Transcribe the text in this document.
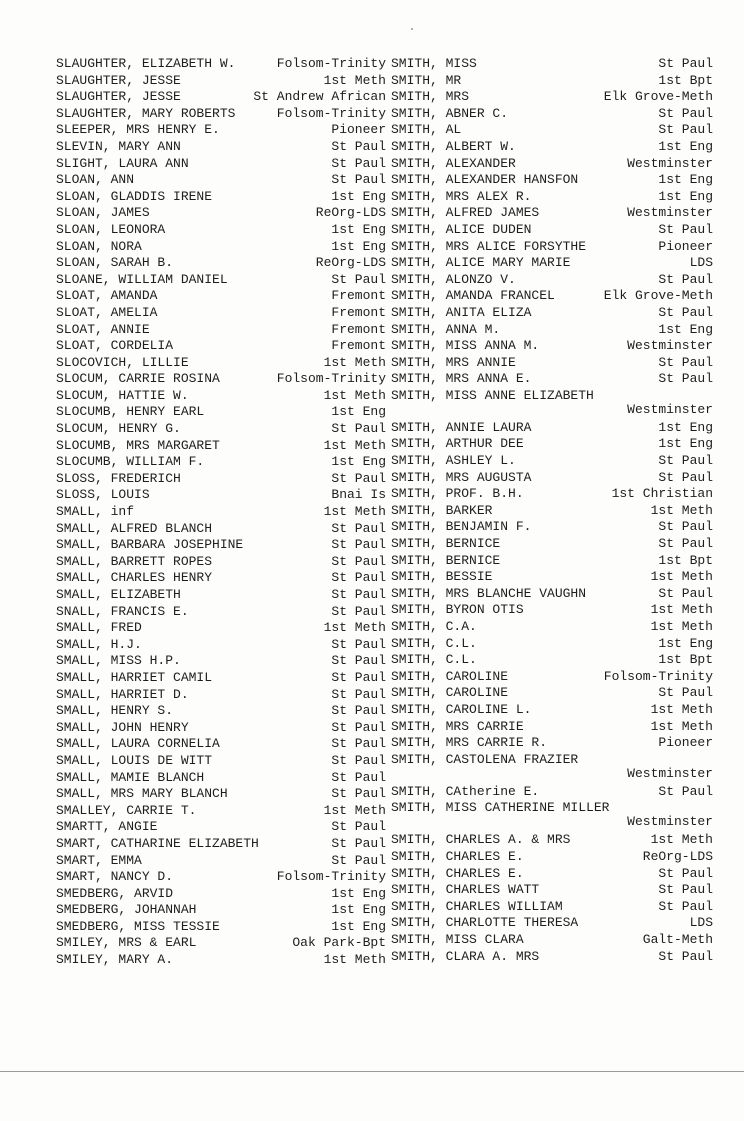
SLAUGHTER, ELIZABETH W.	Folsom-Trinity
SLAUGHTER, JESSE	1st Meth
SLAUGHTER, JESSE	St Andrew African
SLAUGHTER, MARY ROBERTS	Folsom-Trinity
SLEEPER, MRS HENRY E.	Pioneer
SLEVIN, MARY ANN	St Paul
SLIGHT, LAURA ANN	St Paul
SLOAN, ANN	St Paul
SLOAN, GLADDIS IRENE	1st Eng
SLOAN, JAMES	ReOrg-LDS
SLOAN, LEONORA	1st Eng
SLOAN, NORA	1st Eng
SLOAN, SARAH B.	ReOrg-LDS
SLOANE, WILLIAM DANIEL	St Paul
SLOAT, AMANDA	Fremont
SLOAT, AMELIA	Fremont
SLOAT, ANNIE	Fremont
SLOAT, CORDELIA	Fremont
SLOCOVICH, LILLIE	1st Meth
SLOCUM, CARRIE ROSINA	Folsom-Trinity
SLOCUM, HATTIE W.	1st Meth
SLOCUMB, HENRY EARL	1st Eng
SLOCUM, HENRY G.	St Paul
SLOCUMB, MRS MARGARET	1st Meth
SLOCUMB, WILLIAM F.	1st Eng
SLOSS, FREDERICH	St Paul
SLOSS, LOUIS	Bnai Is
SMALL, inf	1st Meth
SMALL, ALFRED BLANCH	St Paul
SMALL, BARBARA JOSEPHINE	St Paul
SMALL, BARRETT ROPES	St Paul
SMALL, CHARLES HENRY	St Paul
SMALL, ELIZABETH	St Paul
SNALL, FRANCIS E.	St Paul
SMALL, FRED	1st Meth
SMALL, H.J.	St Paul
SMALL, MISS H.P.	St Paul
SMALL, HARRIET CAMIL	St Paul
SMALL, HARRIET D.	St Paul
SMALL, HENRY S.	St Paul
SMALL, JOHN HENRY	St Paul
SMALL, LAURA CORNELIA	St Paul
SMALL, LOUIS DE WITT	St Paul
SMALL, MAMIE BLANCH	St Paul
SMALL, MRS MARY BLANCH	St Paul
SMALLEY, CARRIE T.	1st Meth
SMARTT, ANGIE	St Paul
SMART, CATHARINE ELIZABETH	St Paul
SMART, EMMA	St Paul
SMART, NANCY D.	Folsom-Trinity
SMEDBERG, ARVID	1st Eng
SMEDBERG, JOHANNAH	1st Eng
SMEDBERG, MISS TESSIE	1st Eng
SMILEY, MRS & EARL	Oak Park-Bpt
SMILEY, MARY A.	1st Meth
SMITH, MISS	St Paul
SMITH, MR	1st Bpt
SMITH, MRS	Elk Grove-Meth
SMITH, ABNER C.	St Paul
SMITH, AL	St Paul
SMITH, ALBERT W.	1st Eng
SMITH, ALEXANDER	Westminster
SMITH, ALEXANDER HANSFON	1st Eng
SMITH, MRS ALEX R.	1st Eng
SMITH, ALFRED JAMES	Westminster
SMITH, ALICE DUDEN	St Paul
SMITH, MRS ALICE FORSYTHE	Pioneer
SMITH, ALICE MARY MARIE	LDS
SMITH, ALONZO V.	St Paul
SMITH, AMANDA FRANCEL	Elk Grove-Meth
SMITH, ANITA ELIZA	St Paul
SMITH, ANNA M.	1st Eng
SMITH, MISS ANNA M.	Westminster
SMITH, MRS ANNIE	St Paul
SMITH, MRS ANNA E.	St Paul
SMITH, MISS ANNE ELIZABETH
Westminster
SMITH, ANNIE LAURA	1st Eng
SMITH, ARTHUR DEE	1st Eng
SMITH, ASHLEY L.	St Paul
SMITH, MRS AUGUSTA	St Paul
SMITH, PROF. B.H.	1st Christian
SMITH, BARKER	1st Meth
SMITH, BENJAMIN F.	St Paul
SMITH, BERNICE	St Paul
SMITH, BERNICE	1st Bpt
SMITH, BESSIE	1st Meth
SMITH, MRS BLANCHE VAUGHN	St Paul
SMITH, BYRON OTIS	1st Meth
SMITH, C.A.	1st Meth
SMITH, C.L.	1st Eng
SMITH, C.L.	1st Bpt
SMITH, CAROLINE	Folsom-Trinity
SMITH, CAROLINE	St Paul
SMITH, CAROLINE L.	1st Meth
SMITH, MRS CARRIE	1st Meth
SMITH, MRS CARRIE R.	Pioneer
SMITH, CASTOLENA FRAZIER
Westminster
SMITH, CAtherine E.	St Paul
SMITH, MISS CATHERINE MILLER
Westminster
SMITH, CHARLES A. & MRS	1st Meth
SMITH, CHARLES E.	ReOrg-LDS
SMITH, CHARLES E.	St Paul
SMITH, CHARLES WATT	St Paul
SMITH, CHARLES WILLIAM	St Paul
SMITH, CHARLOTTE THERESA	LDS
SMITH, MISS CLARA	Galt-Meth
SMITH, CLARA A. MRS	St Paul
